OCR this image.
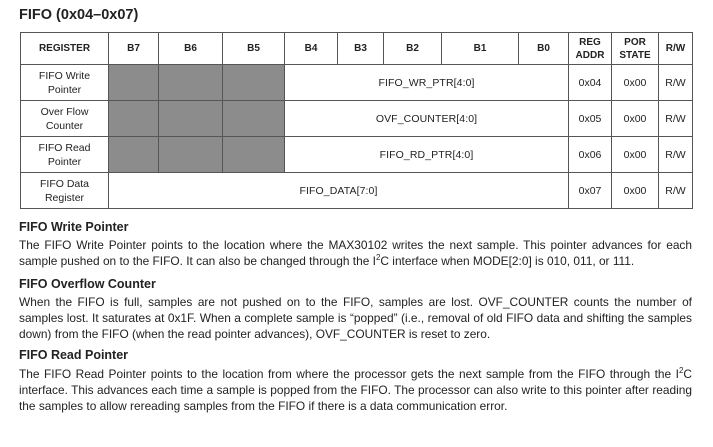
FIFO (0x04–0x07)
REGISTER	B7	B6	B5	B4	B3	B2	B1	B0	REG ADDR	POR STATE	R/W
FIFO Write Pointer				FIFO_WR_PTR[4:0]					0x04	0x00	R/W
Over Flow Counter				OVF_COUNTER[4:0]					0x05	0x00	R/W
FIFO Read Pointer				FIFO_RD_PTR[4:0]					0x06	0x00	R/W
FIFO Data Register	FIFO_DATA[7:0]								0x07	0x00	R/W
FIFO Write Pointer

The FIFO Write Pointer points to the location where the MAX30102 writes the next sample. This pointer advances for each sample pushed on to the FIFO. It can also be changed through the $I^2C$ interface when MODE[2:0] is 010, 011, or 111.

FIFO Overflow Counter

When the FIFO is full, samples are not pushed on to the FIFO, samples are lost. OVF_COUNTER counts the number of samples lost. It saturates at 0x1F. When a complete sample is “popped” (i.e., removal of old FIFO data and shifting the samples down) from the FIFO (when the read pointer advances), OVF_COUNTER is reset to zero.

FIFO Read Pointer

The FIFO Read Pointer points to the location from where the processor gets the next sample from the FIFO through the $I^2C$ interface. This advances each time a sample is popped from the FIFO. The processor can also write to this pointer after reading the samples to allow rereading samples from the FIFO if there is a data communication error.
